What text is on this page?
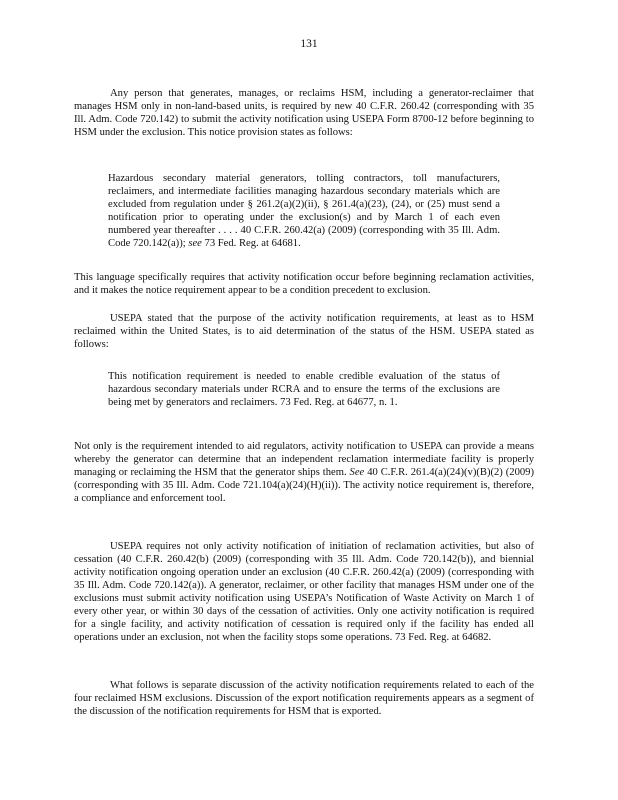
131

Any person that generates, manages, or reclaims HSM, including a generator-reclaimer that manages HSM only in non-land-based units, is required by new 40 C.F.R. 260.42 (corresponding with 35 Ill. Adm. Code 720.142) to submit the activity notification using USEPA Form 8700-12 before beginning to HSM under the exclusion. This notice provision states as follows:

Hazardous secondary material generators, tolling contractors, toll manufacturers, reclaimers, and intermediate facilities managing hazardous secondary materials which are excluded from regulation under § 261.2(a)(2)(ii), § 261.4(a)(23), (24), or (25) must send a notification prior to operating under the exclusion(s) and by March 1 of each even numbered year thereafter . . . . 40 C.F.R. 260.42(a) (2009) (corresponding with 35 Ill. Adm. Code 720.142(a)); see 73 Fed. Reg. at 64681.

This language specifically requires that activity notification occur before beginning reclamation activities, and it makes the notice requirement appear to be a condition precedent to exclusion.

USEPA stated that the purpose of the activity notification requirements, at least as to HSM reclaimed within the United States, is to aid determination of the status of the HSM. USEPA stated as follows:

This notification requirement is needed to enable credible evaluation of the status of hazardous secondary materials under RCRA and to ensure the terms of the exclusions are being met by generators and reclaimers. 73 Fed. Reg. at 64677, n. 1.

Not only is the requirement intended to aid regulators, activity notification to USEPA can provide a means whereby the generator can determine that an independent reclamation intermediate facility is properly managing or reclaiming the HSM that the generator ships them. See 40 C.F.R. 261.4(a)(24)(v)(B)(2) (2009) (corresponding with 35 Ill. Adm. Code 721.104(a)(24)(H)(ii)). The activity notice requirement is, therefore, a compliance and enforcement tool.

USEPA requires not only activity notification of initiation of reclamation activities, but also of cessation (40 C.F.R. 260.42(b) (2009) (corresponding with 35 Ill. Adm. Code 720.142(b)), and biennial activity notification ongoing operation under an exclusion (40 C.F.R. 260.42(a) (2009) (corresponding with 35 Ill. Adm. Code 720.142(a)). A generator, reclaimer, or other facility that manages HSM under one of the exclusions must submit activity notification using USEPA’s Notification of Waste Activity on March 1 of every other year, or within 30 days of the cessation of activities. Only one activity notification is required for a single facility, and activity notification of cessation is required only if the facility has ended all operations under an exclusion, not when the facility stops some operations. 73 Fed. Reg. at 64682.

What follows is separate discussion of the activity notification requirements related to each of the four reclaimed HSM exclusions. Discussion of the export notification requirements appears as a segment of the discussion of the notification requirements for HSM that is exported.
